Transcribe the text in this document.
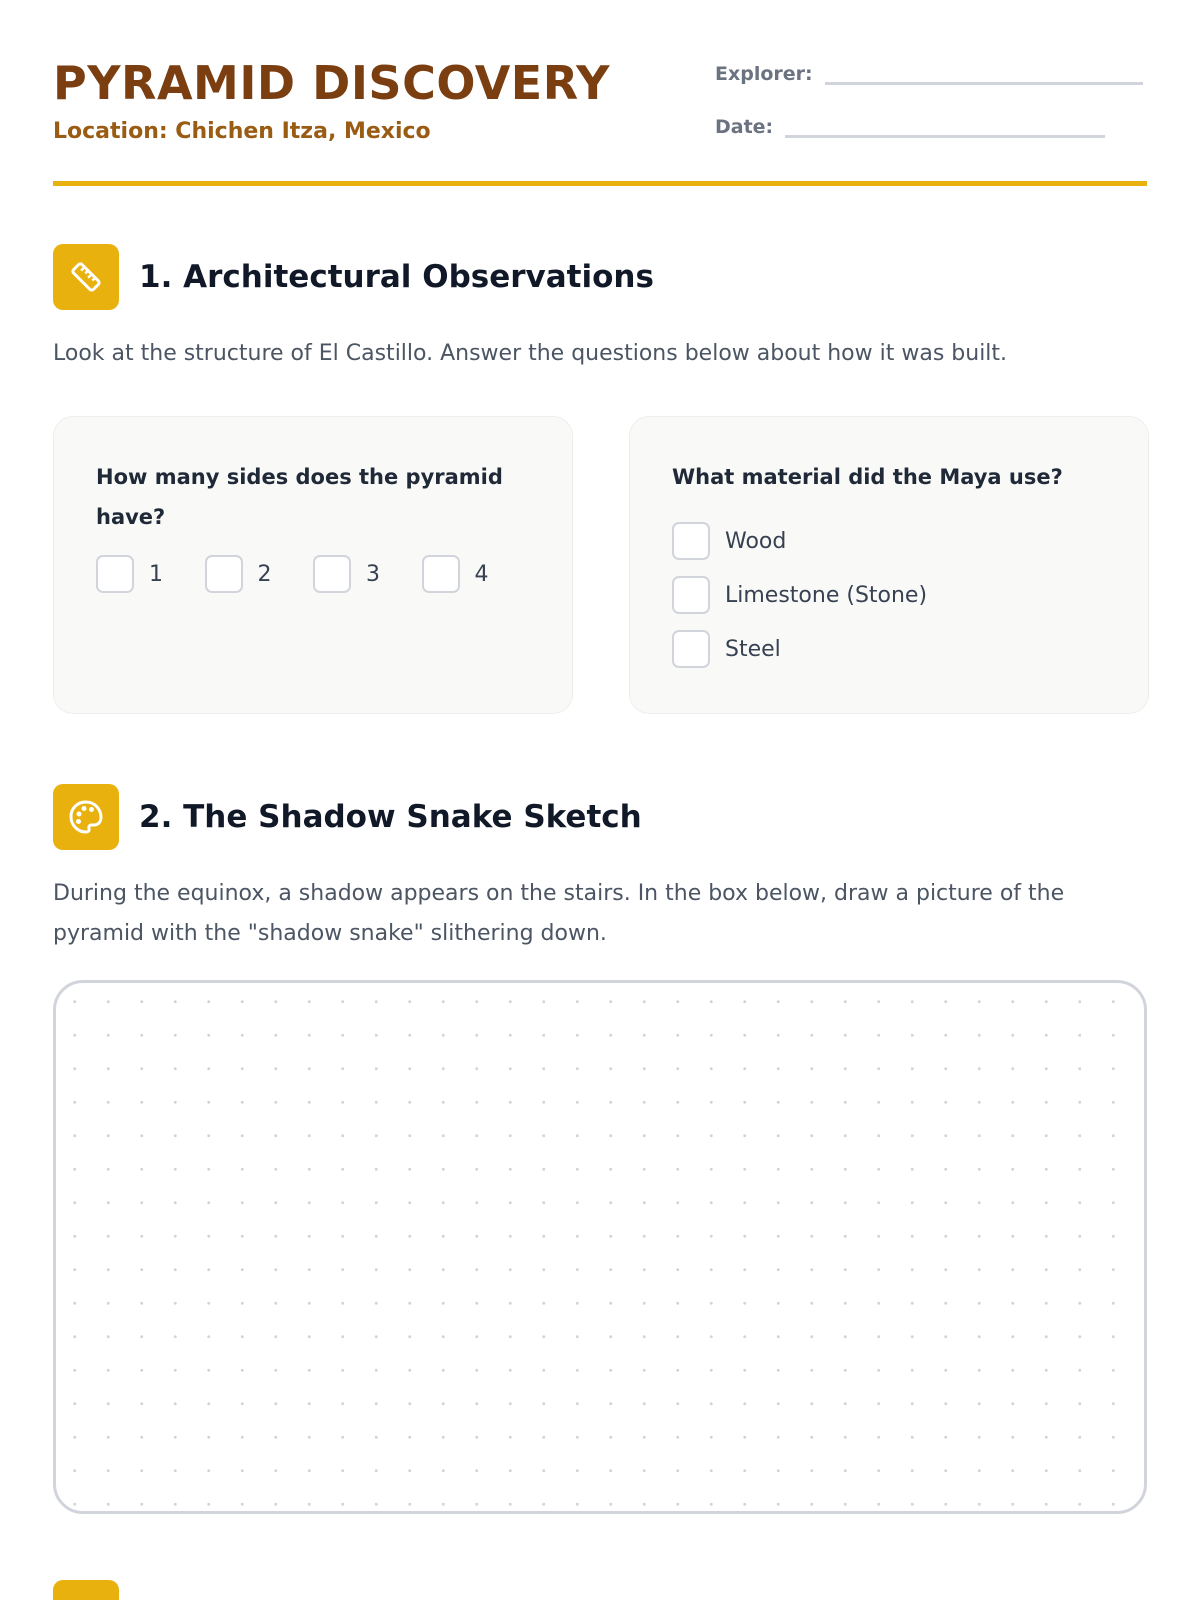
PYRAMID DISCOVERY
Location: Chichen Itza, Mexico
Explorer:
Date:
1. Architectural Observations
Look at the structure of El Castillo. Answer the questions below about how it was built.
How many sides does the pyramid have?
1	2	3	4
What material did the Maya use?
Wood
Limestone (Stone)
Steel
2. The Shadow Snake Sketch
During the equinox, a shadow appears on the stairs. In the box below, draw a picture of the pyramid with the "shadow snake" slithering down.
